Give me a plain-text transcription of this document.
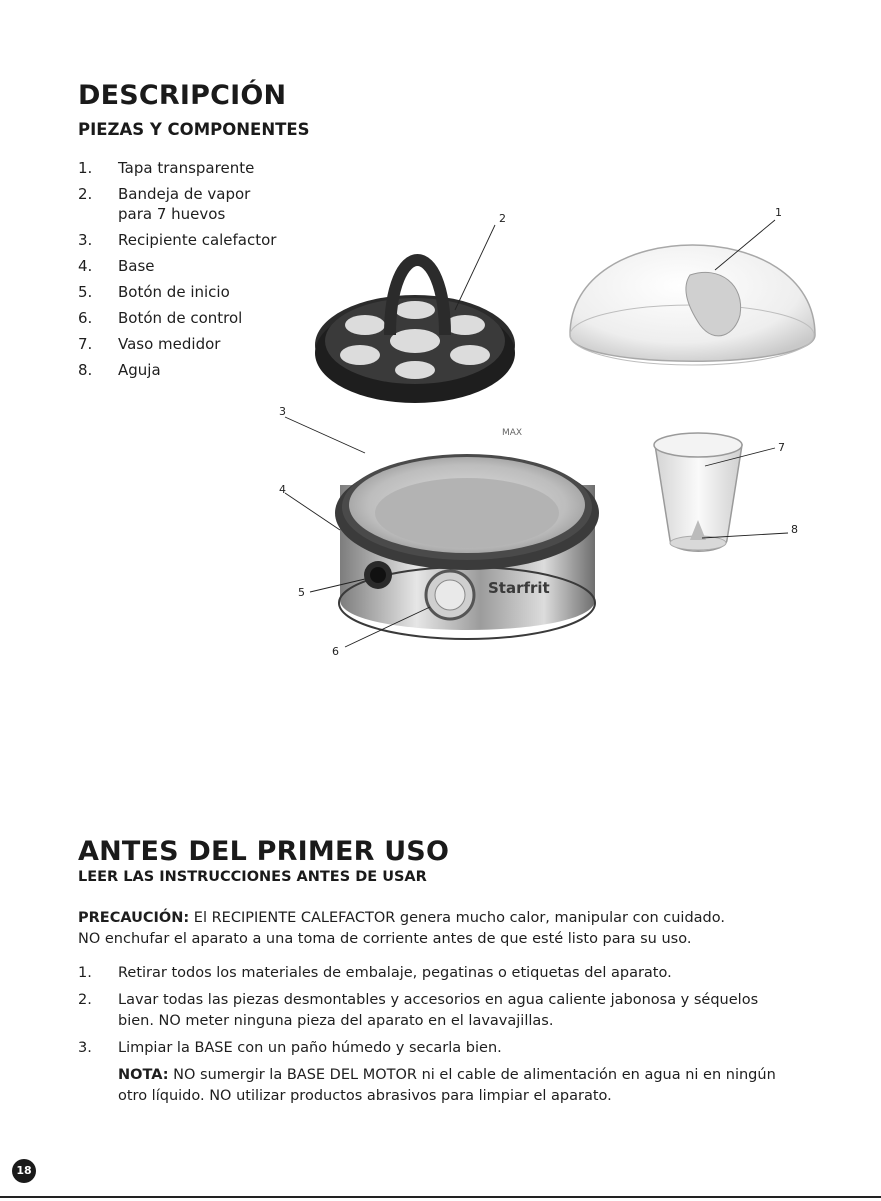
DESCRIPCIÓN
PIEZAS Y COMPONENTES
1.	Tapa transparente
2.	Bandeja de vapor para 7 huevos
3.	Recipiente calefactor
4.	Base
5.	Botón de inicio
6.	Botón de control
7.	Vaso medidor
8.	Aguja
Starfrit
MAX
2	1
3
4
5
6
7
8
ANTES DEL PRIMER USO
LEER LAS INSTRUCCIONES ANTES DE USAR

PRECAUCIÓN: El RECIPIENTE CALEFACTOR genera mucho calor, manipular con cuidado.

NO enchufar el aparato a una toma de corriente antes de que esté listo para su uso.

1.	Retirar todos los materiales de embalaje, pegatinas o etiquetas del aparato.
2.	Lavar todas las piezas desmontables y accesorios en agua caliente jabonosa y séquelos bien. NO meter ninguna pieza del aparato en el lavavajillas.
3.	Limpiar la BASE con un paño húmedo y secarla bien.
NOTA: NO sumergir la BASE DEL MOTOR ni el cable de alimentación en agua ni en ningún otro líquido. NO utilizar productos abrasivos para limpiar el aparato.
18
